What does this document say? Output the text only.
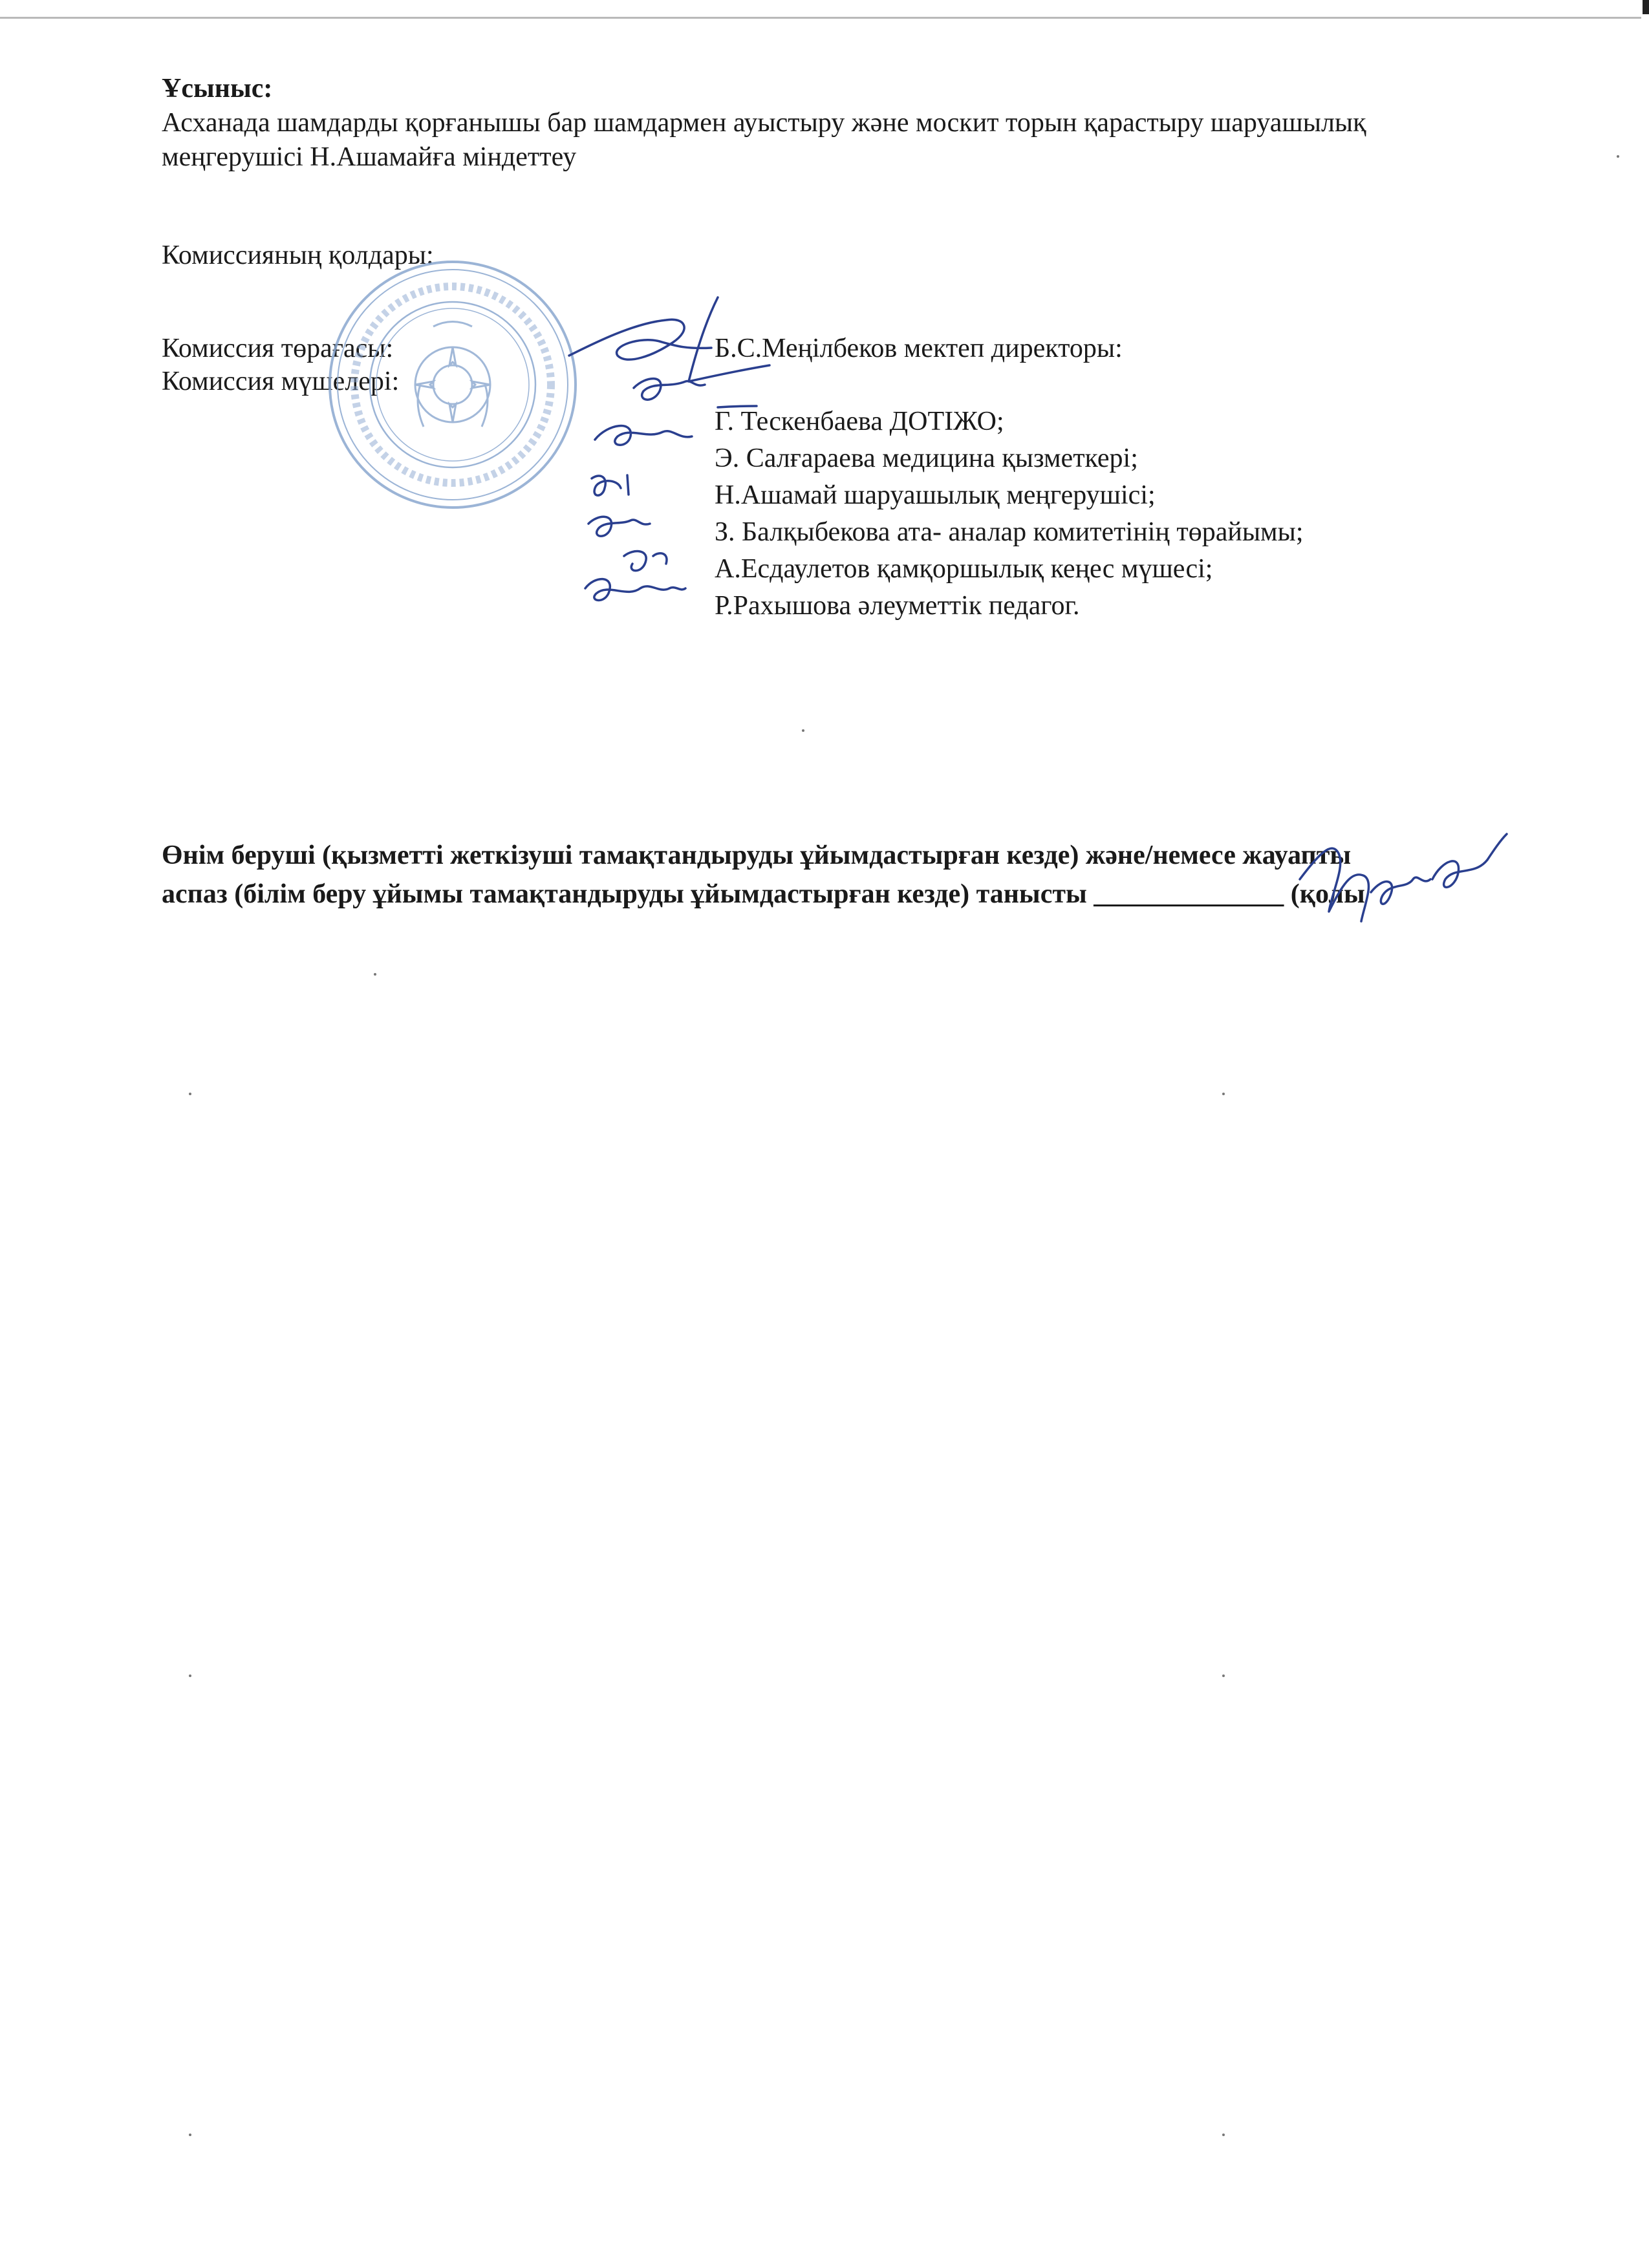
Ұсыныс:
Асханада шамдарды қорғанышы бар шамдармен ауыстыру және москит торын қарастыру шаруашылық
меңгерушісі Н.Ашамайға міндеттеу
Комиссияның қолдары:
Комиссия төрағасы:
Комиссия мүшелері:
Б.С.Меңілбеков мектеп директоры:
Г. Тескенбаева ДОТІЖО;
Э. Салғараева медицина қызметкері;
Н.Ашамай шаруашылық меңгерушісі;
З. Балқыбекова ата- аналар комитетінің төрайымы;
А.Есдаулетов қамқоршылық кеңес мүшесі;
Р.Рахышова әлеуметтік педагог.
Өнім беруші (қызметті жеткізуші тамақтандыруды ұйымдастырған кезде) және/немесе жауапты
аспаз (білім беру ұйымы тамақтандыруды ұйымдастырған кезде) танысты ______________ (қолы
